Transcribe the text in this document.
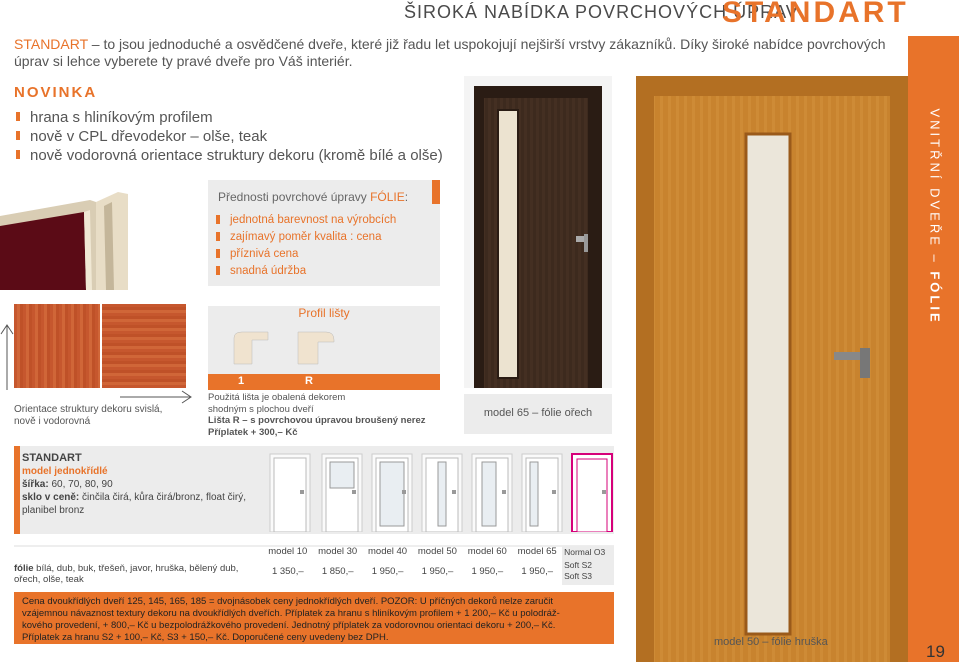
ŠIROKÁ NABÍDKA POVRCHOVÝCH ÚPRAV
STANDART
STANDART – to jsou jednoduché a osvědčené dveře, které již řadu let uspokojují nejširší vrstvy zákazníků. Díky široké nabídce povrchových úprav si lehce vyberete ty pravé dveře pro Váš interiér.
NOVINKA
hrana s hliníkovým profilem
nově v CPL dřevodekor – olše, teak
nově vodorovná orientace struktury dekoru (kromě bílé a olše)
Přednosti povrchové úpravy FÓLIE:
jednotná barevnost na výrobcích
zajímavý poměr kvalita : cena
příznivá cena
snadná údržba
Orientace struktury dekoru svislá,
nově i vodorovná
Profil lišty
1	R
Použitá lišta je obalená dekorem
shodným s plochou dveří
Lišta R – s povrchovou úpravou broušený nerez
Příplatek + 300,– Kč
model 65 – fólie ořech
model 50 – fólie hruška
VNITŘNÍ DVEŘE – FÓLIE
STANDART
model jednokřídlé
šířka: 60, 70, 80, 90
sklo v ceně: činčila čirá, kůra čirá/bronz, float čirý,
planibel bronz
	model 10	model 30	model 40	model 50	model 60	model 65	Normal O3
fólie bílá, dub, buk, třešeň, javor, hruška, bělený dub,
ořech, olše, teak	1 350,–	1 850,–	1 950,–	1 950,–	1 950,–	1 950,–	Soft S2
Soft S3
Cena dvoukřídlých dveří 125, 145, 165, 185 = dvojnásobek ceny jednokřídlých dveří. POZOR: U příčných dekorů nelze zaručit
vzájemnou návaznost textury dekoru na dvoukřídlých dveřích. Příplatek za hranu s hliníkovým profilem + 1 200,– Kč u polodráž-
kového provedení, + 800,– Kč u bezpolodrážkového provedení. Jednotný příplatek za vodorovnou orientaci dekoru + 200,– Kč.
Příplatek za hranu S2 + 100,– Kč, S3 + 150,– Kč. Doporučené ceny uvedeny bez DPH.
19
